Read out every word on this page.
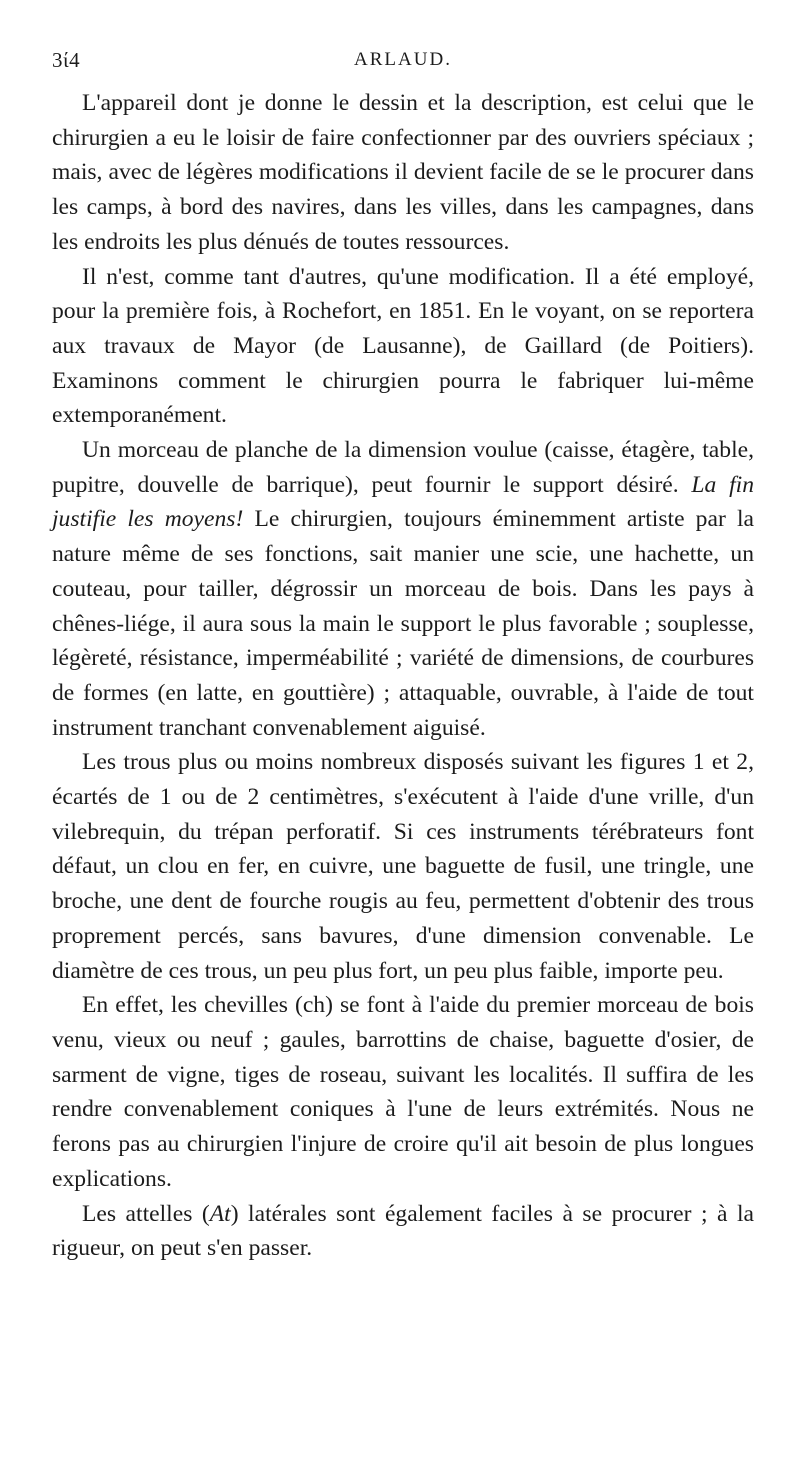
3ί4	ARLAUD.

L'appareil dont je donne le dessin et la description, est celui que le chirurgien a eu le loisir de faire confectionner par des ouvriers spéciaux ; mais, avec de légères modifications il devient facile de se le procurer dans les camps, à bord des navires, dans les villes, dans les campagnes, dans les endroits les plus dénués de toutes ressources.

Il n'est, comme tant d'autres, qu'une modification. Il a été employé, pour la première fois, à Rochefort, en 1851. En le voyant, on se reportera aux travaux de Mayor (de Lausanne), de Gaillard (de Poitiers). Examinons comment le chirurgien pourra le fabriquer lui-même extemporanément.

Un morceau de planche de la dimension voulue (caisse, étagère, table, pupitre, douvelle de barrique), peut fournir le support désiré. La fin justifie les moyens! Le chirurgien, toujours éminemment artiste par la nature même de ses fonctions, sait manier une scie, une hachette, un couteau, pour tailler, dégrossir un morceau de bois. Dans les pays à chênes-liége, il aura sous la main le support le plus favorable ; souplesse, légèreté, résistance, imperméabilité ; variété de dimensions, de courbures de formes (en latte, en gouttière) ; attaquable, ouvrable, à l'aide de tout instrument tranchant convenablement aiguisé.

Les trous plus ou moins nombreux disposés suivant les figures 1 et 2, écartés de 1 ou de 2 centimètres, s'exécutent à l'aide d'une vrille, d'un vilebrequin, du trépan perforatif. Si ces instruments térébrateurs font défaut, un clou en fer, en cuivre, une baguette de fusil, une tringle, une broche, une dent de fourche rougis au feu, permettent d'obtenir des trous proprement percés, sans bavures, d'une dimension convenable. Le diamètre de ces trous, un peu plus fort, un peu plus faible, importe peu.

En effet, les chevilles (ch) se font à l'aide du premier morceau de bois venu, vieux ou neuf ; gaules, barrottins de chaise, baguette d'osier, de sarment de vigne, tiges de roseau, suivant les localités. Il suffira de les rendre convenablement coniques à l'une de leurs extrémités. Nous ne ferons pas au chirurgien l'injure de croire qu'il ait besoin de plus longues explications.

Les attelles (At) latérales sont également faciles à se procurer ; à la rigueur, on peut s'en passer.
